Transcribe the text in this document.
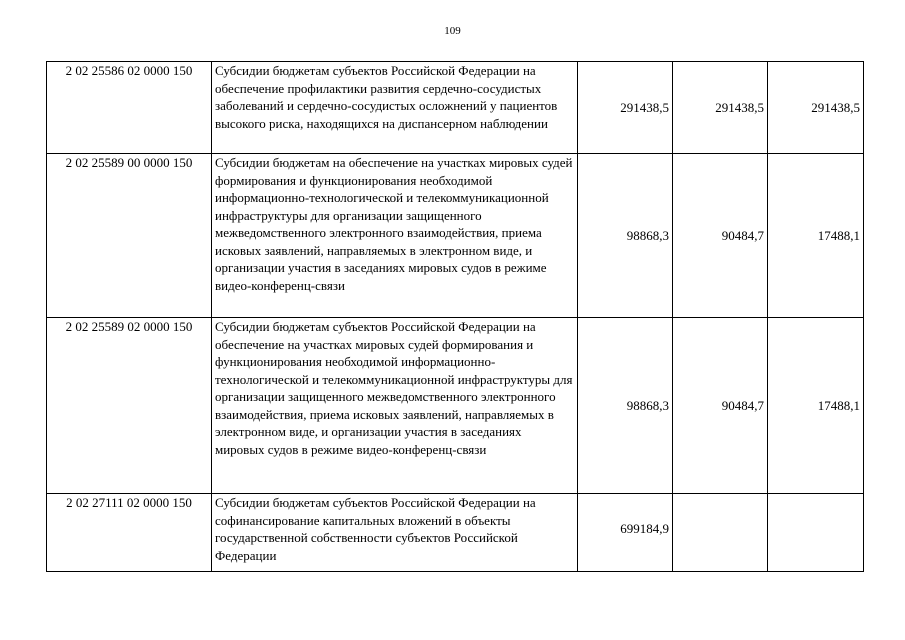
109
2 02 25586 02 0000 150	Субсидии бюджетам субъектов Российской Федерации на обеспечение профилактики развития сердечно-сосудистых заболеваний и сердечно-сосудистых осложнений у пациентов высокого риска, находящихся на диспансерном наблюдении	291438,5	291438,5	291438,5
2 02 25589 00 0000 150	Субсидии бюджетам на обеспечение на участках мировых судей формирования и функционирования необходимой информационно-технологической и телекоммуникационной инфраструктуры для организации защищенного межведомственного электронного взаимодействия, приема исковых заявлений, направляемых в электронном виде, и организации участия в заседаниях мировых судов в режиме видео-конференц-связи	98868,3	90484,7	17488,1
2 02 25589 02 0000 150	Субсидии бюджетам субъектов Российской Федерации на обеспечение на участках мировых судей формирования и функционирования необходимой информационно-технологической и телекоммуникационной инфраструктуры для организации защищенного межведомственного электронного взаимодействия, приема исковых заявлений, направляемых в электронном виде, и организации участия в заседаниях мировых судов в режиме видео-конференц-связи	98868,3	90484,7	17488,1
2 02 27111 02 0000 150	Субсидии бюджетам субъектов Российской Федерации на софинансирование капитальных вложений в объекты государственной собственности субъектов Российской Федерации	699184,9		
